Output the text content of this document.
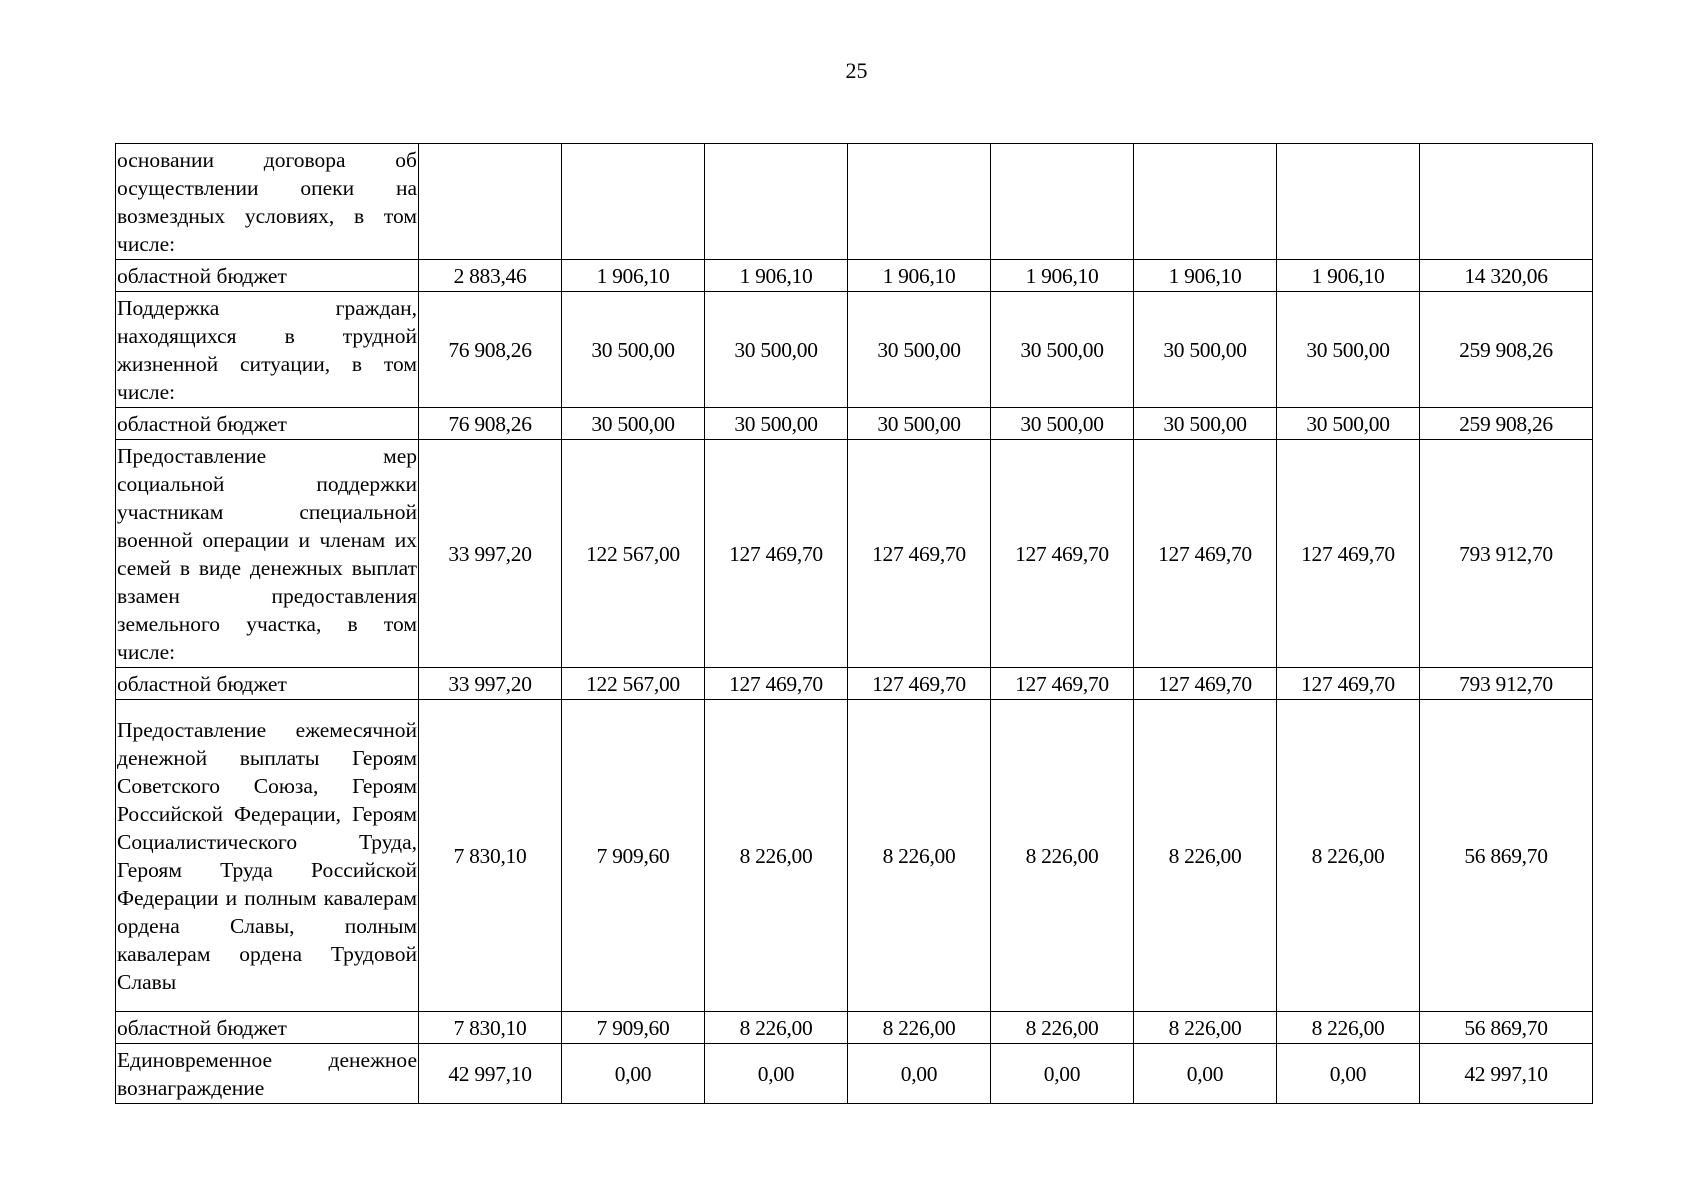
25
основании договора об осуществлении опеки на возмездных условиях, в том числе:								
областной бюджет	2 883,46	1 906,10	1 906,10	1 906,10	1 906,10	1 906,10	1 906,10	14 320,06
Поддержка граждан, находящихся в трудной жизненной ситуации, в том числе:	76 908,26	30 500,00	30 500,00	30 500,00	30 500,00	30 500,00	30 500,00	259 908,26
областной бюджет	76 908,26	30 500,00	30 500,00	30 500,00	30 500,00	30 500,00	30 500,00	259 908,26
Предоставление мер социальной поддержки участникам специальной военной операции и членам их семей в виде денежных выплат взамен предоставления земельного участка, в том числе:	33 997,20	122 567,00	127 469,70	127 469,70	127 469,70	127 469,70	127 469,70	793 912,70
областной бюджет	33 997,20	122 567,00	127 469,70	127 469,70	127 469,70	127 469,70	127 469,70	793 912,70
Предоставление ежемесячной денежной выплаты Героям Советского Союза, Героям Российской Федерации, Героям Социалистического Труда, Героям Труда Российской Федерации и полным кавалерам ордена Славы, полным кавалерам ордена Трудовой Славы	7 830,10	7 909,60	8 226,00	8 226,00	8 226,00	8 226,00	8 226,00	56 869,70
областной бюджет	7 830,10	7 909,60	8 226,00	8 226,00	8 226,00	8 226,00	8 226,00	56 869,70
Единовременное денежное вознаграждение	42 997,10	0,00	0,00	0,00	0,00	0,00	0,00	42 997,10
